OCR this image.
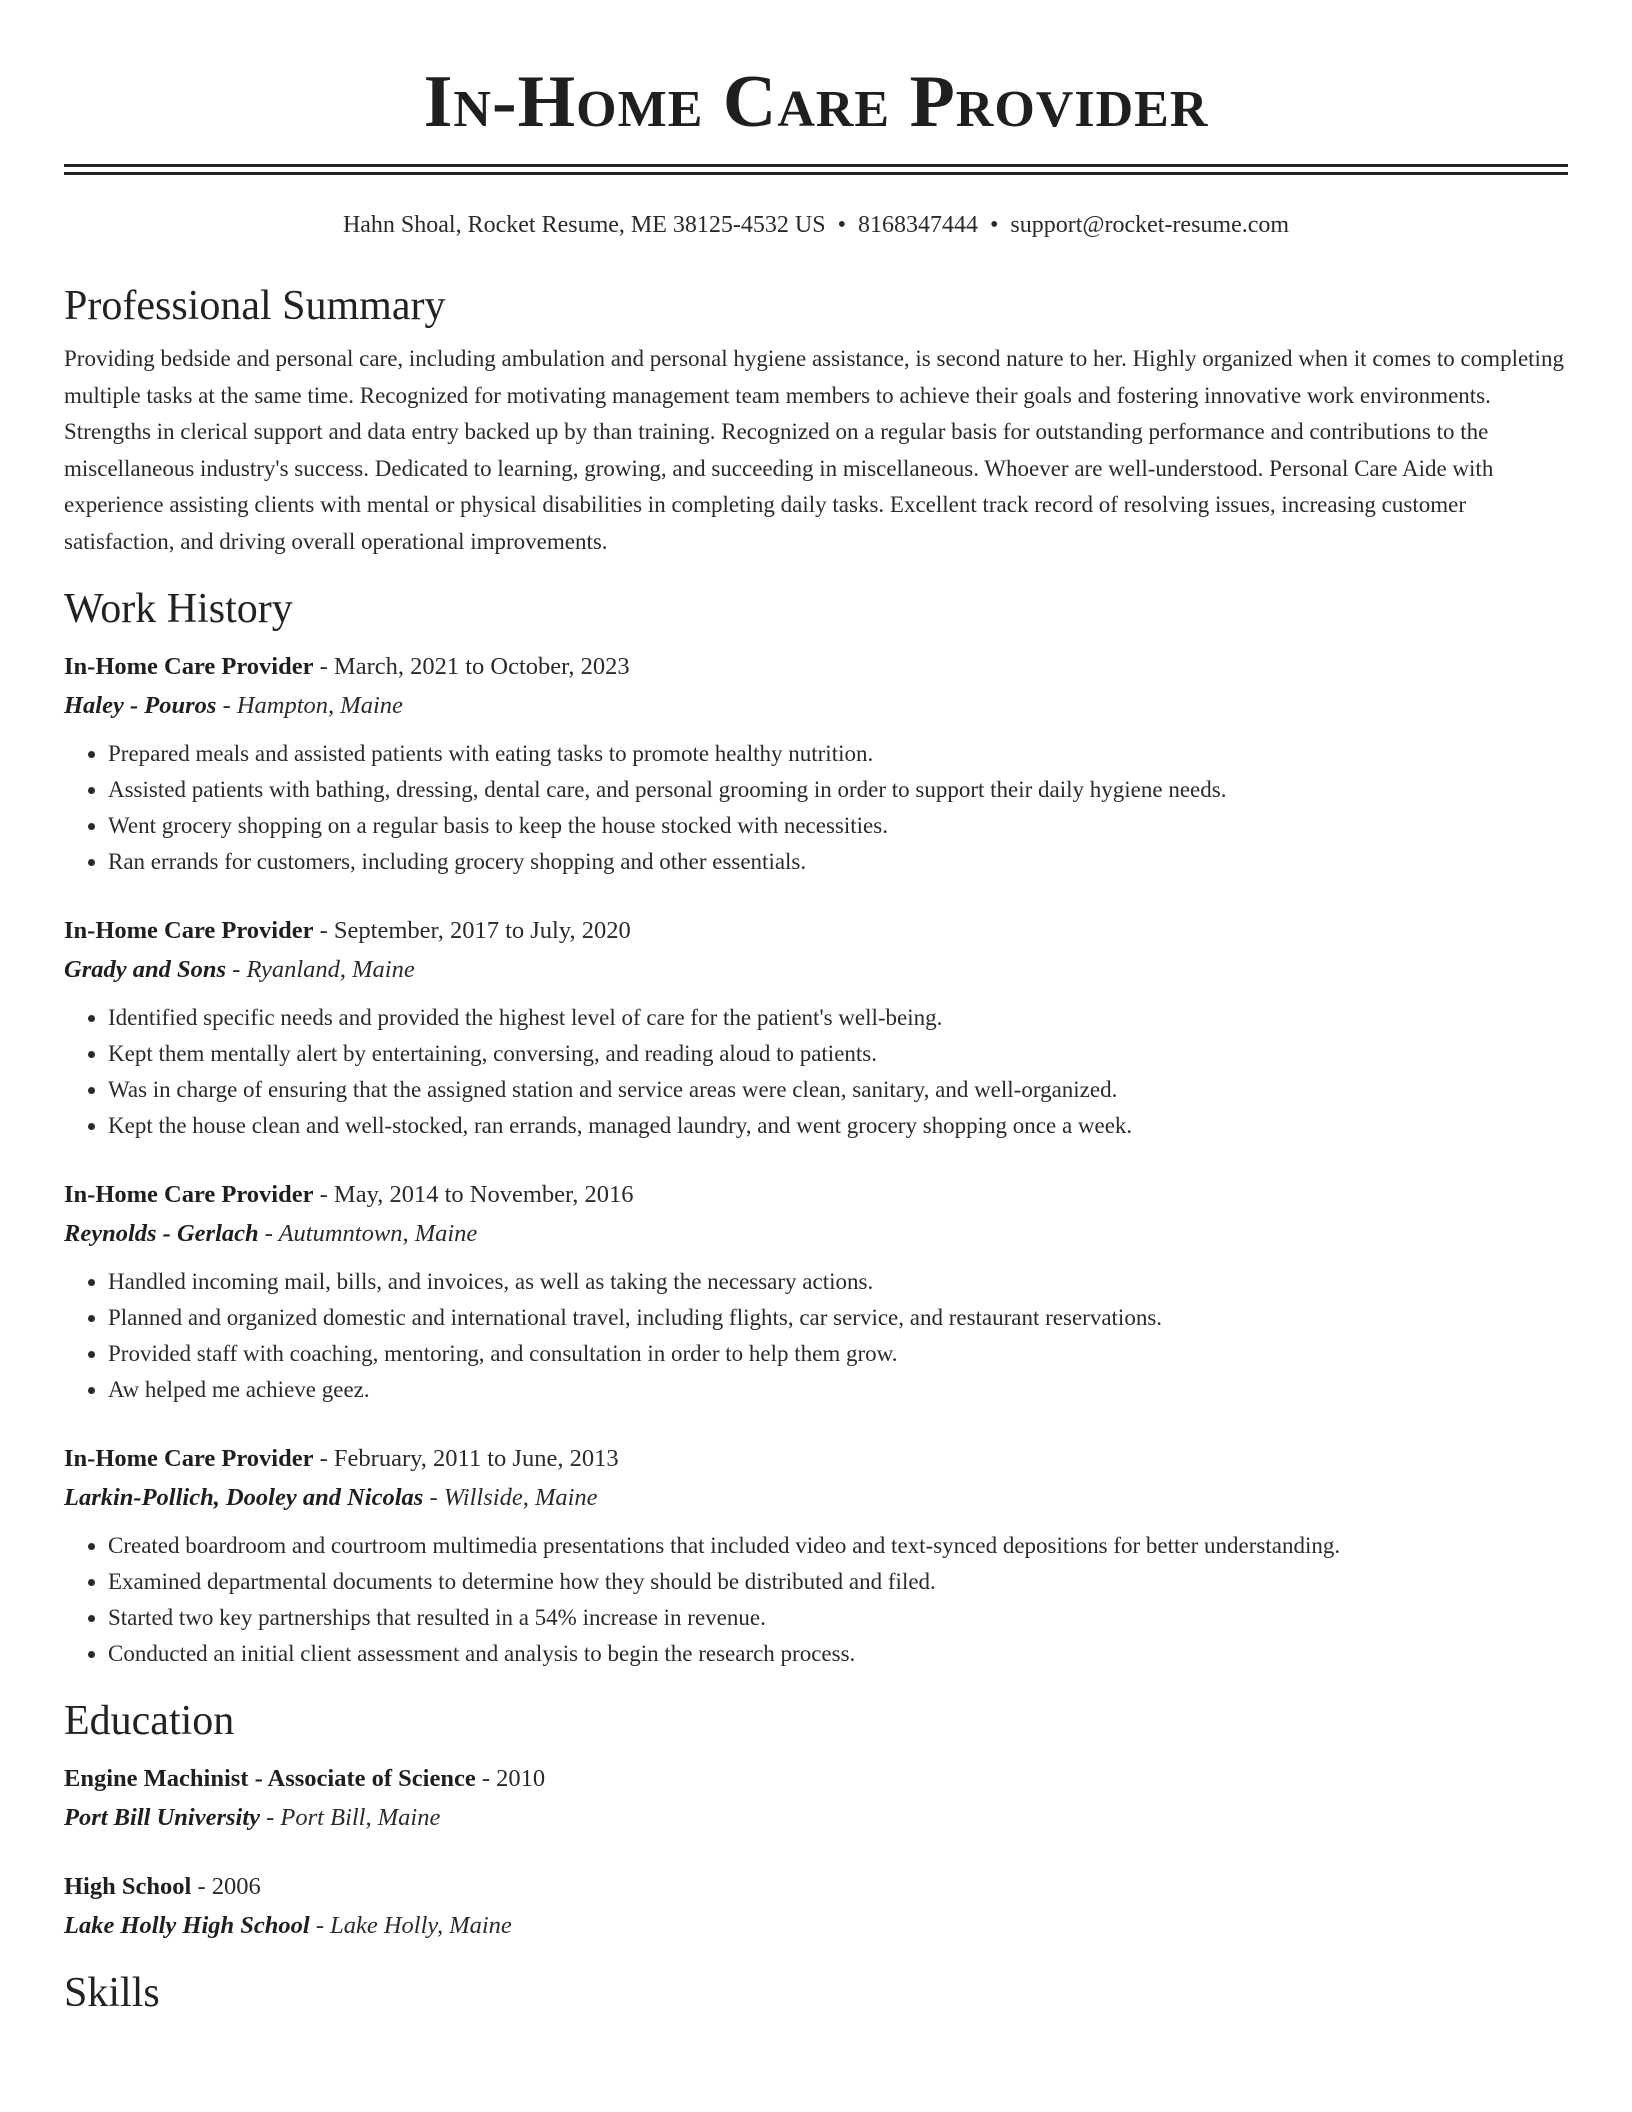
In-Home Care Provider
Hahn Shoal, Rocket Resume, ME 38125-4532 US • 8168347444 • support@rocket-resume.com
Professional Summary

Providing bedside and personal care, including ambulation and personal hygiene assistance, is second nature to her. Highly organized when it comes to completing multiple tasks at the same time. Recognized for motivating management team members to achieve their goals and fostering innovative work environments. Strengths in clerical support and data entry backed up by than training. Recognized on a regular basis for outstanding performance and contributions to the miscellaneous industry's success. Dedicated to learning, growing, and succeeding in miscellaneous. Whoever are well-understood. Personal Care Aide with experience assisting clients with mental or physical disabilities in completing daily tasks. Excellent track record of resolving issues, increasing customer satisfaction, and driving overall operational improvements.

Work History
In-Home Care Provider - March, 2021 to October, 2023
Haley - Pouros - Hampton, Maine
• Prepared meals and assisted patients with eating tasks to promote healthy nutrition.
• Assisted patients with bathing, dressing, dental care, and personal grooming in order to support their daily hygiene needs.
• Went grocery shopping on a regular basis to keep the house stocked with necessities.
• Ran errands for customers, including grocery shopping and other essentials.
In-Home Care Provider - September, 2017 to July, 2020
Grady and Sons - Ryanland, Maine
• Identified specific needs and provided the highest level of care for the patient's well-being.
• Kept them mentally alert by entertaining, conversing, and reading aloud to patients.
• Was in charge of ensuring that the assigned station and service areas were clean, sanitary, and well-organized.
• Kept the house clean and well-stocked, ran errands, managed laundry, and went grocery shopping once a week.
In-Home Care Provider - May, 2014 to November, 2016
Reynolds - Gerlach - Autumntown, Maine
• Handled incoming mail, bills, and invoices, as well as taking the necessary actions.
• Planned and organized domestic and international travel, including flights, car service, and restaurant reservations.
• Provided staff with coaching, mentoring, and consultation in order to help them grow.
• Aw helped me achieve geez.
In-Home Care Provider - February, 2011 to June, 2013
Larkin-Pollich, Dooley and Nicolas - Willside, Maine
• Created boardroom and courtroom multimedia presentations that included video and text-synced depositions for better understanding.
• Examined departmental documents to determine how they should be distributed and filed.
• Started two key partnerships that resulted in a 54% increase in revenue.
• Conducted an initial client assessment and analysis to begin the research process.
Education
Engine Machinist - Associate of Science - 2010
Port Bill University - Port Bill, Maine
High School - 2006
Lake Holly High School - Lake Holly, Maine
Skills
